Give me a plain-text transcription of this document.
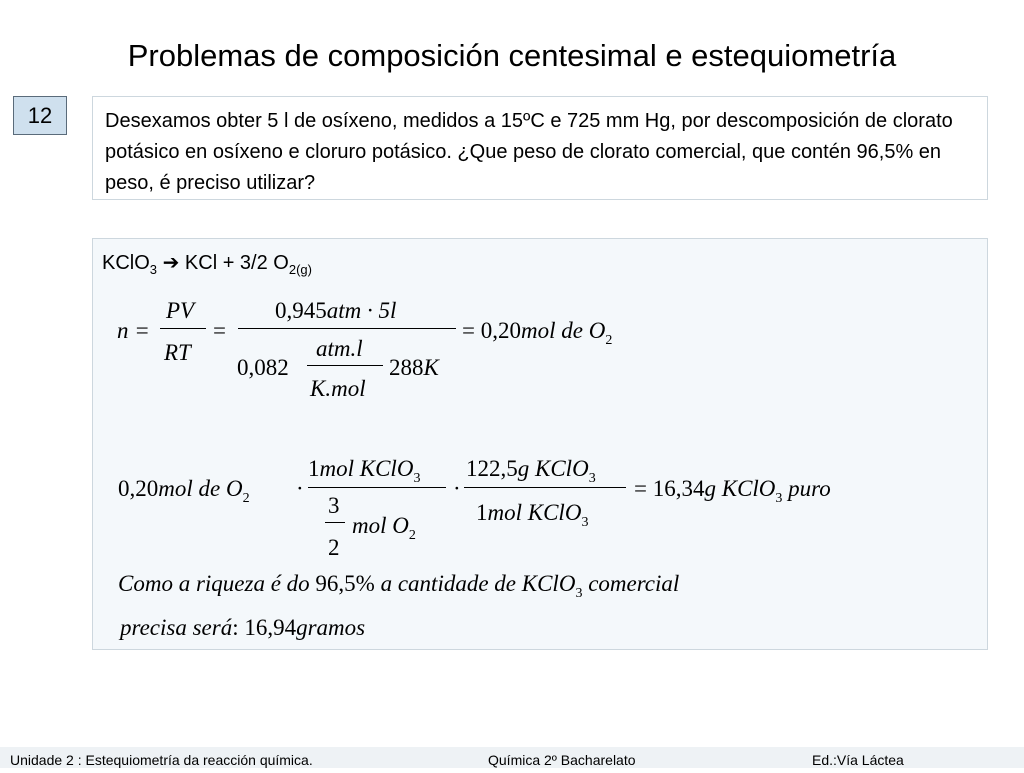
Problemas de composición centesimal e estequiometría
12	Desexamos obter 5 l de osíxeno, medidos a 15ºC e 725 mm Hg, por descomposición de clorato potásico en osíxeno e cloruro potásico. ¿Que peso de clorato comercial, que contén 96,5% en peso, é preciso utilizar?
KClO$_3$ ➔ KCl + 3/2 $O_{2(g)}$
n =
PV
RT
=
0,945atm · 5l
0,082
atm.l
K.mol
288K
= 0,20mol de $O_2$
0,20mol de $O_2$ ·
1mol KClO$_3$
3
2
mol $O_2$
·
122,5g KClO$_3$
1mol KClO$_3$
= 16,34g KClO$_3$ puro
Como a riqueza é do 96,5% a cantidade de KClO$_3$ comercial
precisa será: 16,94gramos
Unidade 2 : Estequiometría da reacción química.	Química 2º Bacharelato	Ed.:Vía Láctea
